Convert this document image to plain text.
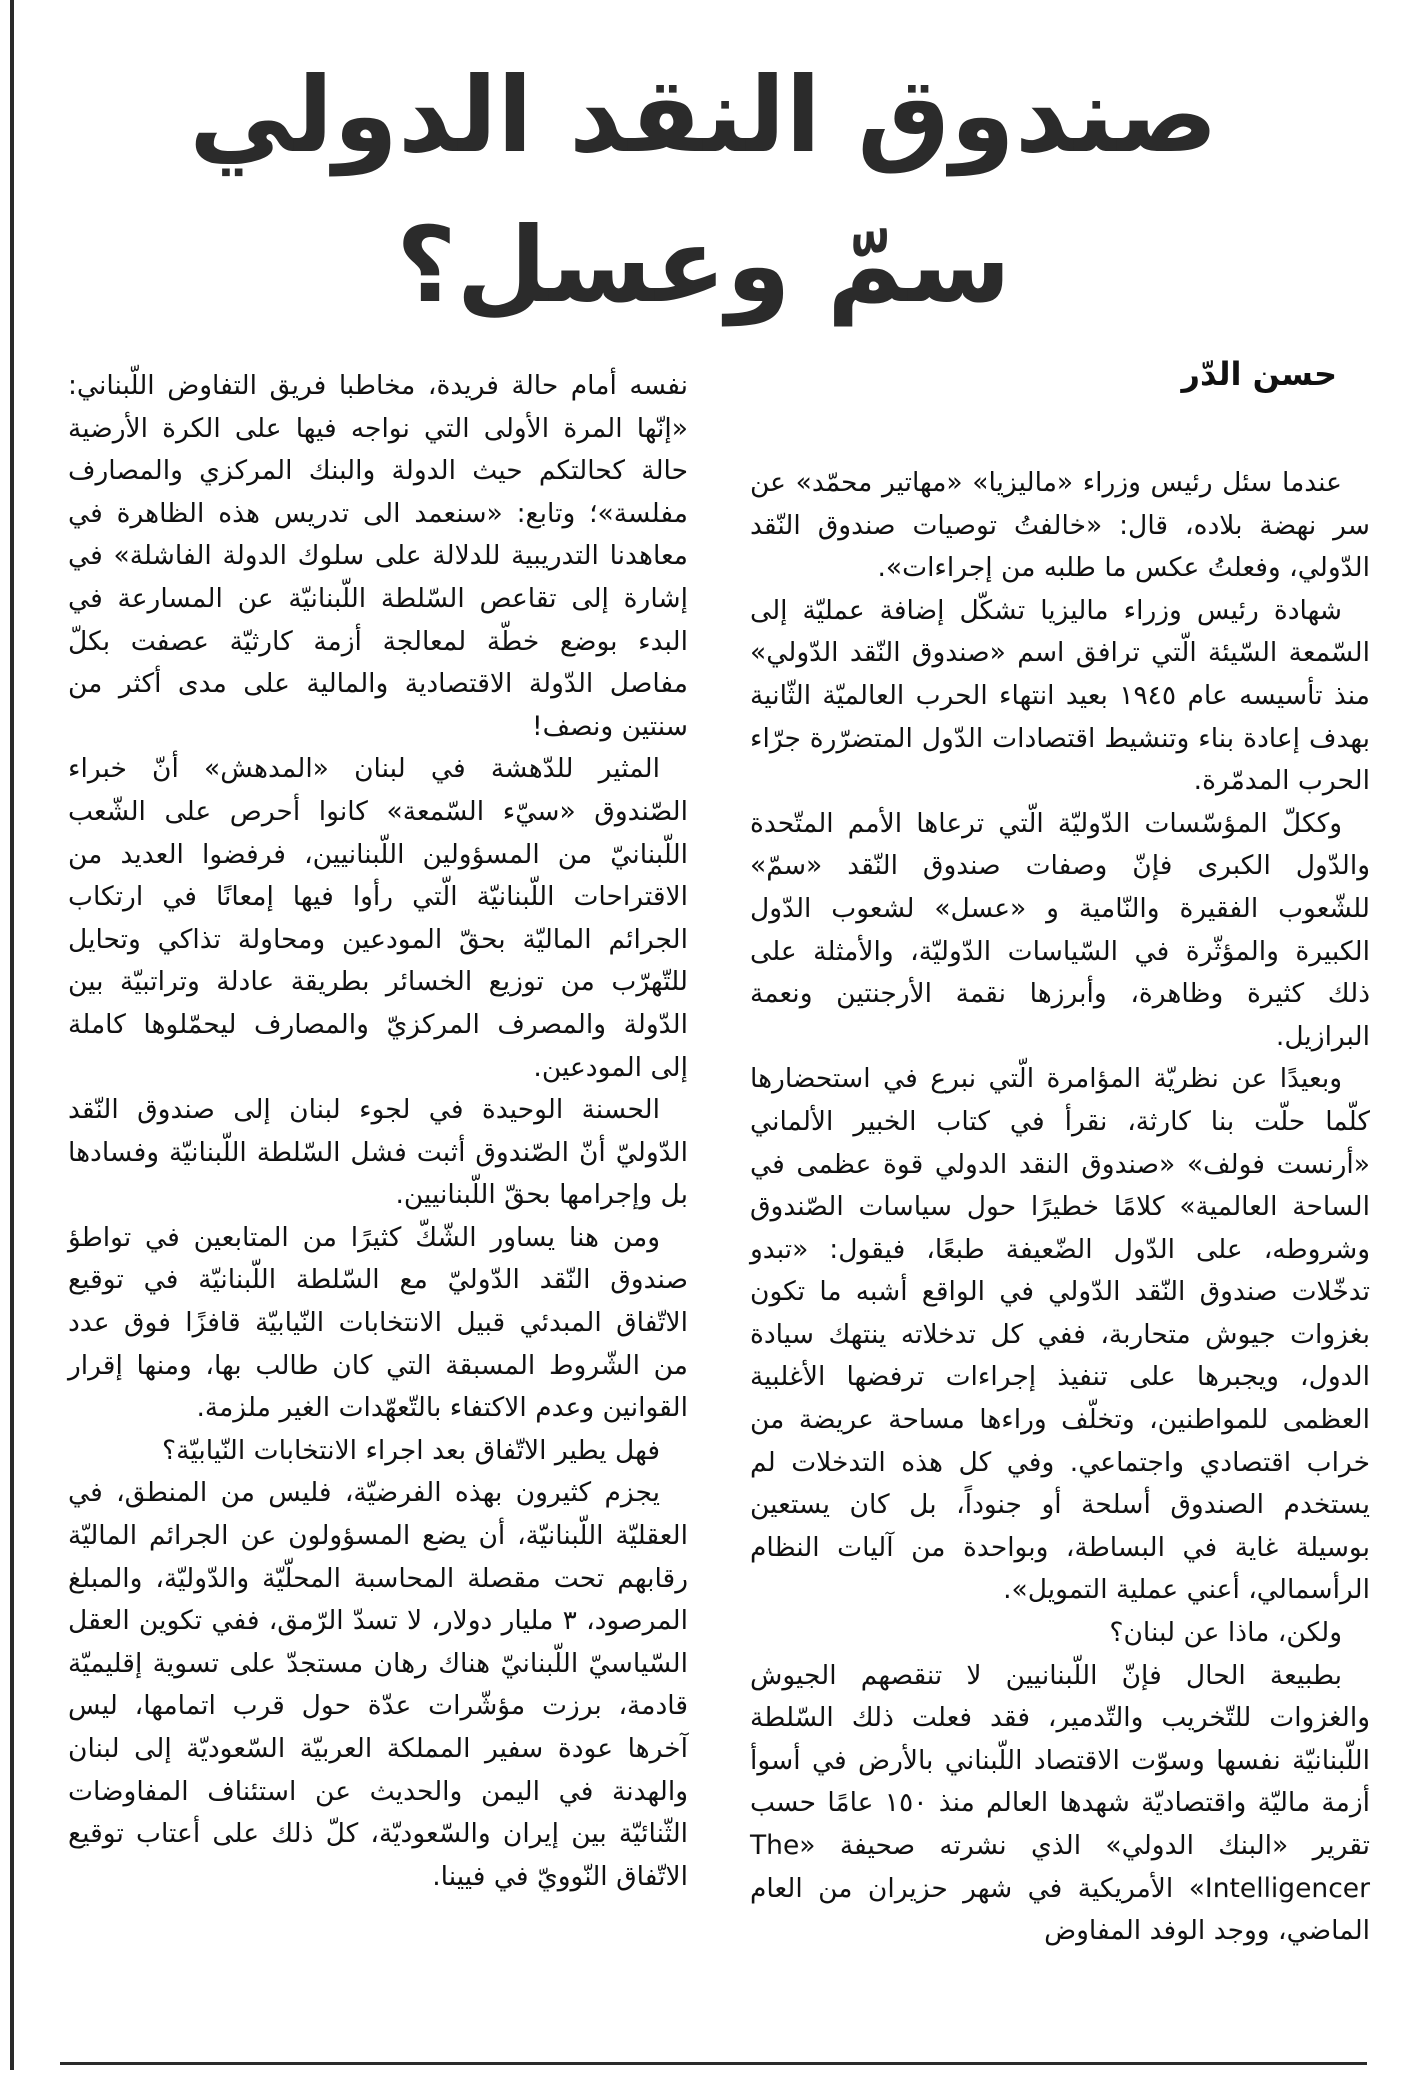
صندوق النقد الدولي
سمّ وعسل؟
حسن الدّر

عندما سئل رئيس وزراء «ماليزيا» «مهاتير محمّد» عن سر نهضة بلاده، قال: «خالفتُ توصيات صندوق النّقد الدّولي، وفعلتُ عكس ما طلبه من إجراءات».

شهادة رئيس وزراء ماليزيا تشكّل إضافة عمليّة إلى السّمعة السّيئة الّتي ترافق اسم «صندوق النّقد الدّولي» منذ تأسيسه عام ١٩٤٥ بعيد انتهاء الحرب العالميّة الثّانية بهدف إعادة بناء وتنشيط اقتصادات الدّول المتضرّرة جرّاء الحرب المدمّرة.

وككلّ المؤسّسات الدّوليّة الّتي ترعاها الأمم المتّحدة والدّول الكبرى فإنّ وصفات صندوق النّقد «سمّ» للشّعوب الفقيرة والنّامية و «عسل» لشعوب الدّول الكبيرة والمؤثّرة في السّياسات الدّوليّة، والأمثلة على ذلك كثيرة وظاهرة، وأبرزها نقمة الأرجنتين ونعمة البرازيل.

وبعيدًا عن نظريّة المؤامرة الّتي نبرع في استحضارها كلّما حلّت بنا كارثة، نقرأ في كتاب الخبير الألماني «أرنست فولف» «صندوق النقد الدولي قوة عظمى في الساحة العالمية» كلامًا خطيرًا حول سياسات الصّندوق وشروطه، على الدّول الضّعيفة طبعًا، فيقول: «تبدو تدخّلات صندوق النّقد الدّولي في الواقع أشبه ما تكون بغزوات جيوش متحاربة، ففي كل تدخلاته ينتهك سيادة الدول، ويجبرها على تنفيذ إجراءات ترفضها الأغلبية العظمى للمواطنين، وتخلّف وراءها مساحة عريضة من خراب اقتصادي واجتماعي. وفي كل هذه التدخلات لم يستخدم الصندوق أسلحة أو جنوداً، بل كان يستعين بوسيلة غاية في البساطة، وبواحدة من آليات النظام الرأسمالي، أعني عملية التمويل».

ولكن، ماذا عن لبنان؟

بطبيعة الحال فإنّ اللّبنانيين لا تنقصهم الجيوش والغزوات للتّخريب والتّدمير، فقد فعلت ذلك السّلطة اللّبنانيّة نفسها وسوّت الاقتصاد اللّبناني بالأرض في أسوأ أزمة ماليّة واقتصاديّة شهدها العالم منذ ١٥٠ عامًا حسب تقرير «البنك الدولي» الذي نشرته صحيفة «The Intelligencer» الأمريكية في شهر حزيران من العام الماضي، ووجد الوفد المفاوض

نفسه أمام حالة فريدة، مخاطبا فريق التفاوض اللّبناني: «إنّها المرة الأولى التي نواجه فيها على الكرة الأرضية حالة كحالتكم حيث الدولة والبنك المركزي والمصارف مفلسة»؛ وتابع: «سنعمد الى تدريس هذه الظاهرة في معاهدنا التدريبية للدلالة على سلوك الدولة الفاشلة» في إشارة إلى تقاعص السّلطة اللّبنانيّة عن المسارعة في البدء بوضع خطّة لمعالجة أزمة كارثيّة عصفت بكلّ مفاصل الدّولة الاقتصادية والمالية على مدى أكثر من سنتين ونصف!

المثير للدّهشة في لبنان «المدهش» أنّ خبراء الصّندوق «سيّء السّمعة» كانوا أحرص على الشّعب اللّبنانيّ من المسؤولين اللّبنانيين، فرفضوا العديد من الاقتراحات اللّبنانيّة الّتي رأوا فيها إمعانًا في ارتكاب الجرائم الماليّة بحقّ المودعين ومحاولة تذاكي وتحايل للتّهرّب من توزيع الخسائر بطريقة عادلة وتراتبيّة بين الدّولة والمصرف المركزيّ والمصارف ليحمّلوها كاملة إلى المودعين.

الحسنة الوحيدة في لجوء لبنان إلى صندوق النّقد الدّوليّ أنّ الصّندوق أثبت فشل السّلطة اللّبنانيّة وفسادها بل وإجرامها بحقّ اللّبنانيين.

ومن هنا يساور الشّكّ كثيرًا من المتابعين في تواطؤ صندوق النّقد الدّوليّ مع السّلطة اللّبنانيّة في توقيع الاتّفاق المبدئي قبيل الانتخابات النّيابيّة قافزًا فوق عدد من الشّروط المسبقة التي كان طالب بها، ومنها إقرار القوانين وعدم الاكتفاء بالتّعهّدات الغير ملزمة.

فهل يطير الاتّفاق بعد اجراء الانتخابات النّيابيّة؟

يجزم كثيرون بهذه الفرضيّة، فليس من المنطق، في العقليّة اللّبنانيّة، أن يضع المسؤولون عن الجرائم الماليّة رقابهم تحت مقصلة المحاسبة المحلّيّة والدّوليّة، والمبلغ المرصود، ٣ مليار دولار، لا تسدّ الرّمق، ففي تكوين العقل السّياسيّ اللّبنانيّ هناك رهان مستجدّ على تسوية إقليميّة قادمة، برزت مؤشّرات عدّة حول قرب اتمامها، ليس آخرها عودة سفير المملكة العربيّة السّعوديّة إلى لبنان والهدنة في اليمن والحديث عن استئناف المفاوضات الثّنائيّة بين إيران والسّعوديّة، كلّ ذلك على أعتاب توقيع الاتّفاق النّوويّ في فيينا.
